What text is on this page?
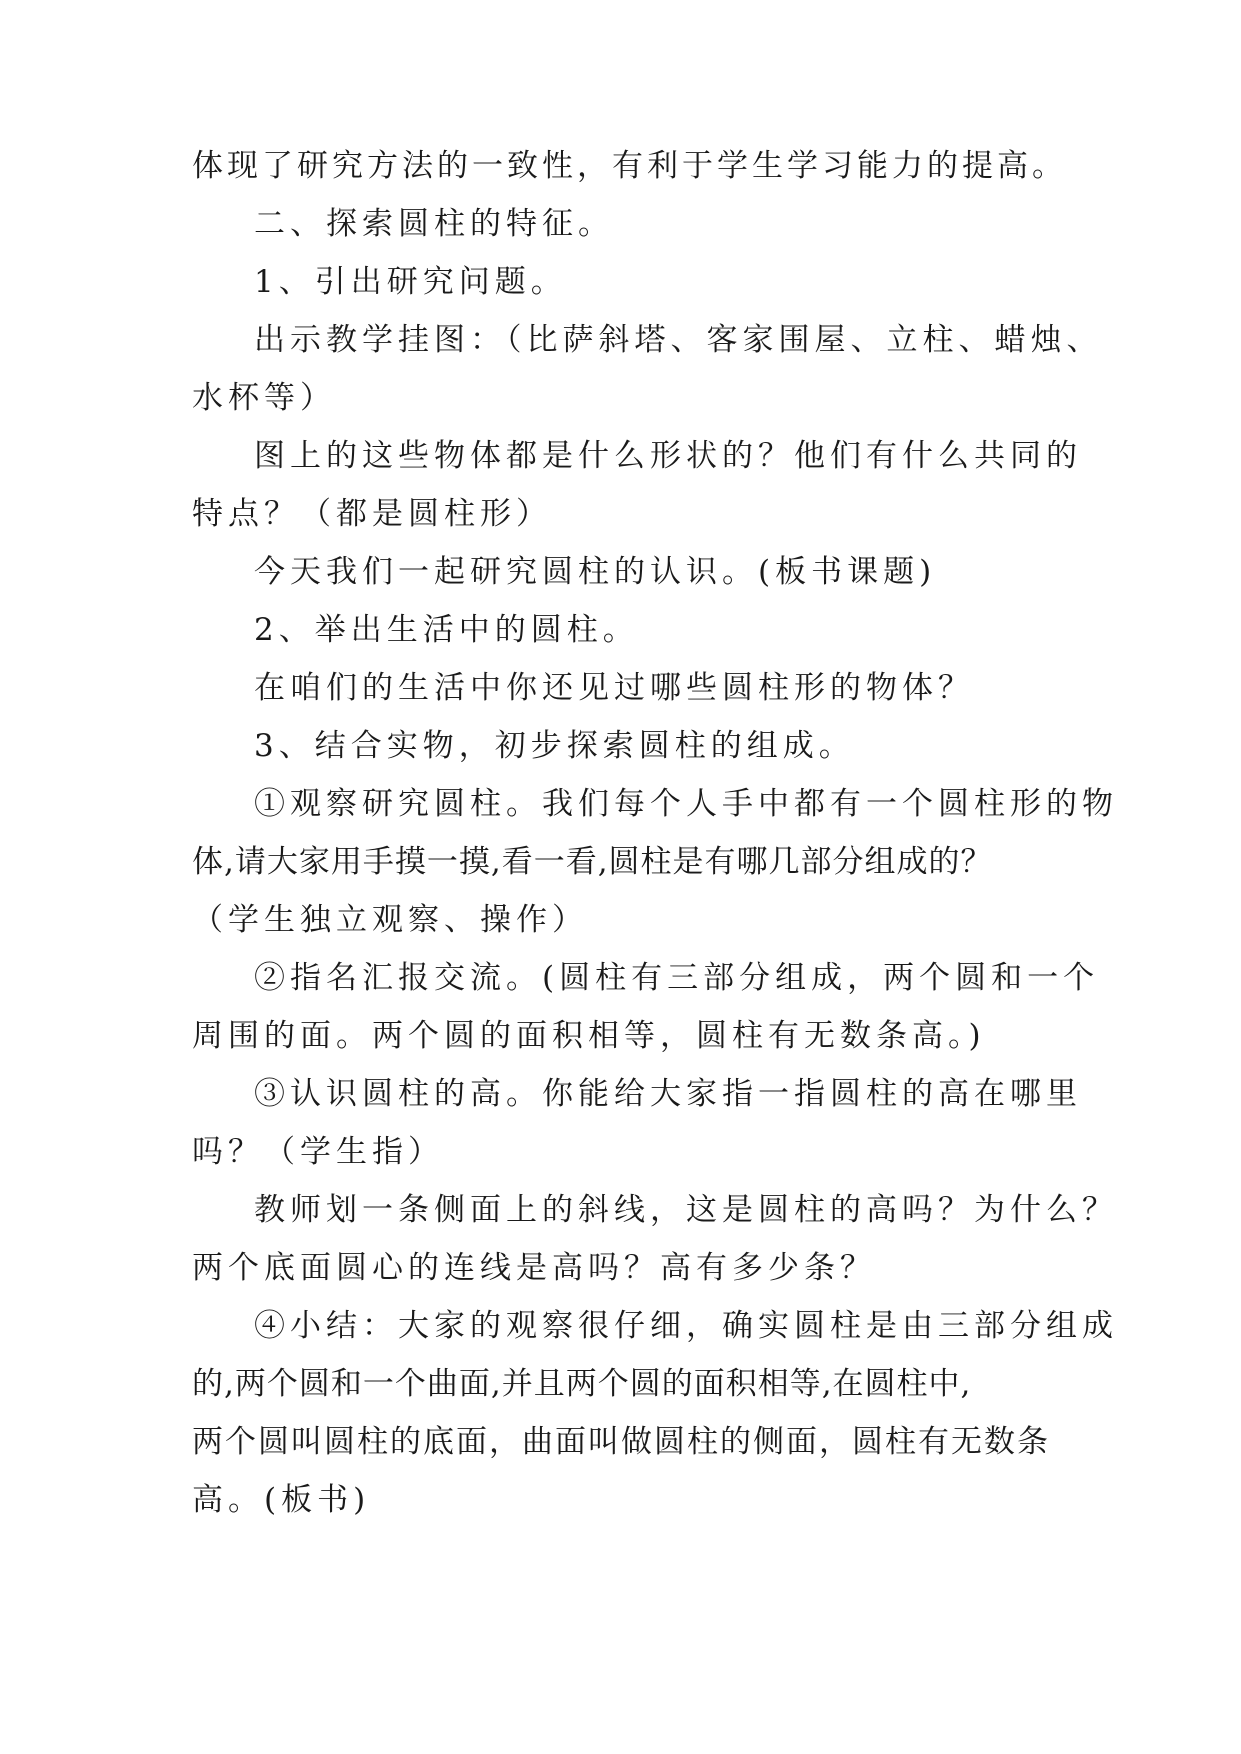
体现了研究方法的一致性，有利于学生学习能力的提高。
二、探索圆柱的特征。
1、引出研究问题。
出示教学挂图：（比萨斜塔、客家围屋、立柱、蜡烛、
水杯等）
图上的这些物体都是什么形状的？他们有什么共同的
特点？（都是圆柱形）
今天我们一起研究圆柱的认识。(板书课题)
2、举出生活中的圆柱。
在咱们的生活中你还见过哪些圆柱形的物体？
3、结合实物，初步探索圆柱的组成。
①观察研究圆柱。我们每个人手中都有一个圆柱形的物
体,请大家用手摸一摸,看一看,圆柱是有哪几部分组成的？
（学生独立观察、操作）
②指名汇报交流。(圆柱有三部分组成，两个圆和一个
周围的面。两个圆的面积相等，圆柱有无数条高。)
③认识圆柱的高。你能给大家指一指圆柱的高在哪里
吗？（学生指）
教师划一条侧面上的斜线，这是圆柱的高吗？为什么？
两个底面圆心的连线是高吗？高有多少条？
④小结：大家的观察很仔细，确实圆柱是由三部分组成
的,两个圆和一个曲面,并且两个圆的面积相等,在圆柱中,
两个圆叫圆柱的底面，曲面叫做圆柱的侧面，圆柱有无数条
高。(板书)
